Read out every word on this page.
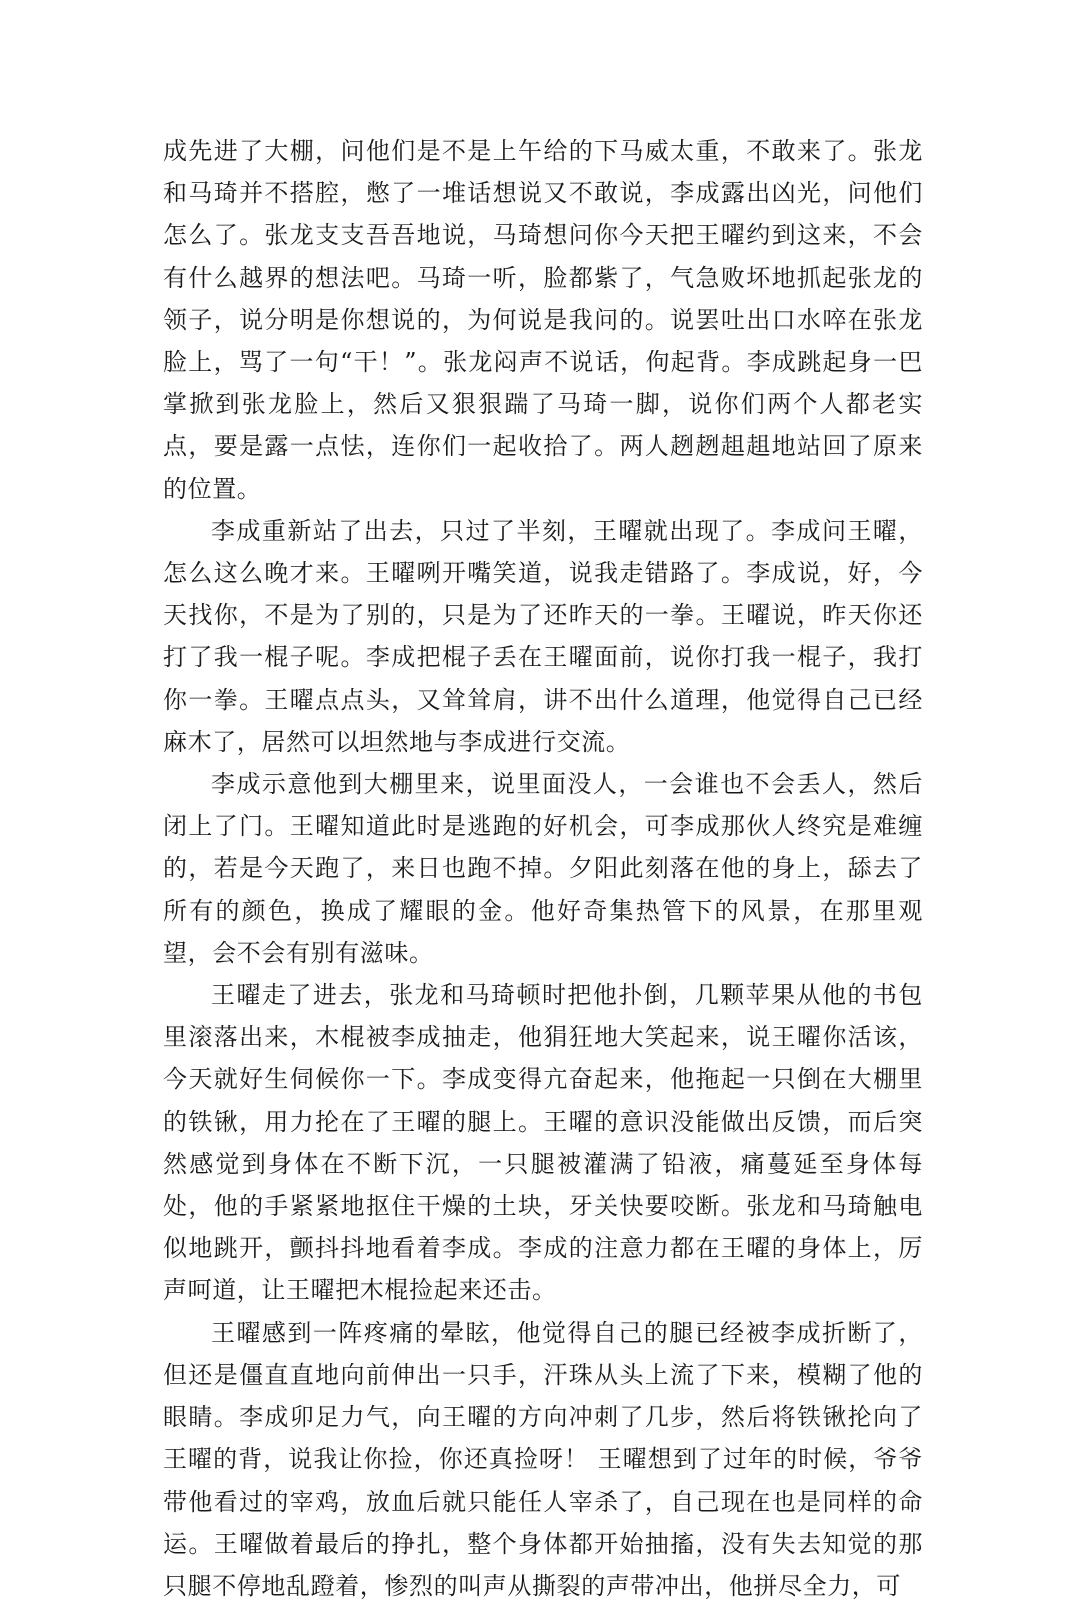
成先进了大棚，问他们是不是上午给的下马威太重，不敢来了。张龙和马琦并不搭腔，憋了一堆话想说又不敢说，李成露出凶光，问他们怎么了。张龙支支吾吾地说，马琦想问你今天把王曜约到这来，不会有什么越界的想法吧。马琦一听，脸都紫了，气急败坏地抓起张龙的领子，说分明是你想说的，为何说是我问的。说罢吐出口水啐在张龙脸上，骂了一句“干！”。张龙闷声不说话，佝起背。李成跳起身一巴掌掀到张龙脸上，然后又狠狠踹了马琦一脚，说你们两个人都老实点，要是露一点怯，连你们一起收拾了。两人趔趔趄趄地站回了原来的位置。

李成重新站了出去，只过了半刻，王曜就出现了。李成问王曜，怎么这么晚才来。王曜咧开嘴笑道，说我走错路了。李成说，好，今天找你，不是为了别的，只是为了还昨天的一拳。王曜说，昨天你还打了我一棍子呢。李成把棍子丢在王曜面前，说你打我一棍子，我打你一拳。王曜点点头，又耸耸肩，讲不出什么道理，他觉得自己已经麻木了，居然可以坦然地与李成进行交流。

李成示意他到大棚里来，说里面没人，一会谁也不会丢人，然后闭上了门。王曜知道此时是逃跑的好机会，可李成那伙人终究是难缠的，若是今天跑了，来日也跑不掉。夕阳此刻落在他的身上，舔去了所有的颜色，换成了耀眼的金。他好奇集热管下的风景，在那里观望，会不会有别有滋味。

王曜走了进去，张龙和马琦顿时把他扑倒，几颗苹果从他的书包里滚落出来，木棍被李成抽走，他狷狂地大笑起来，说王曜你活该，今天就好生伺候你一下。李成变得亢奋起来，他拖起一只倒在大棚里的铁锹，用力抡在了王曜的腿上。王曜的意识没能做出反馈，而后突然感觉到身体在不断下沉，一只腿被灌满了铅液，痛蔓延至身体每处，他的手紧紧地抠住干燥的土块，牙关快要咬断。张龙和马琦触电似地跳开，颤抖抖地看着李成。李成的注意力都在王曜的身体上，厉声呵道，让王曜把木棍捡起来还击。

王曜感到一阵疼痛的晕眩，他觉得自己的腿已经被李成折断了，但还是僵直直地向前伸出一只手，汗珠从头上流了下来，模糊了他的眼睛。李成卯足力气，向王曜的方向冲刺了几步，然后将铁锹抡向了王曜的背，说我让你捡，你还真捡呀！ 王曜想到了过年的时候，爷爷带他看过的宰鸡，放血后就只能任人宰杀了，自己现在也是同样的命运。王曜做着最后的挣扎，整个身体都开始抽搐，没有失去知觉的那只腿不停地乱蹬着，惨烈的叫声从撕裂的声带冲出，他拼尽全力，可
